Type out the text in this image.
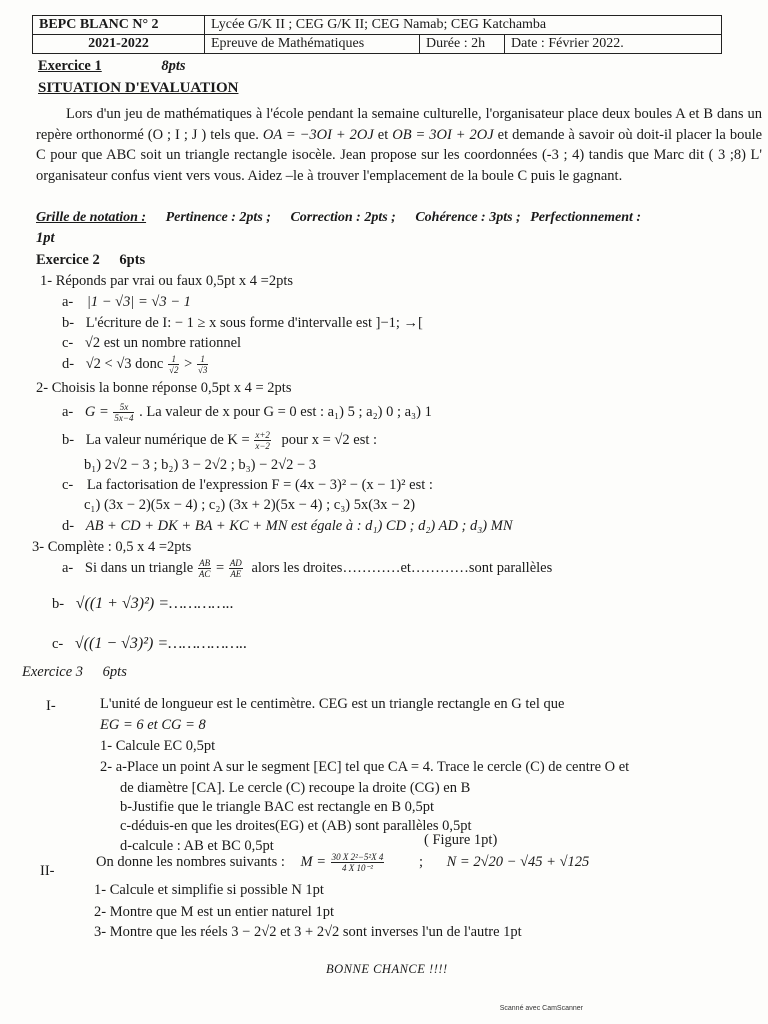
BEPC BLANC N° 2	Lycée G/K II ; CEG G/K II; CEG Namab; CEG Katchamba		
2021-2022	Epreuve de Mathématiques	Durée : 2h	Date : Février 2022.
Exercice 1	8pts
SITUATION D'EVALUATION

Lors d'un jeu de mathématiques à l'école pendant la semaine culturelle, l'organisateur place deux boules A et B dans un repère orthonormé (O ; I ; J ) tels que. OA = −3OI + 2OJ et OB = 3OI + 2OJ et demande à savoir où doit-il placer la boule C pour que ABC soit un triangle rectangle isocèle. Jean propose sur les coordonnées (-3 ; 4) tandis que Marc dit ( 3 ;8) L' organisateur confus vient vers vous. Aidez –le à trouver l'emplacement de la boule C puis le gagnant.

Grille de notation : Pertinence : 2pts ; Correction : 2pts ; Cohérence : 3pts ; Perfectionnement :
1pt
Exercice 2 6pts
1- Réponds par vrai ou faux 0,5pt x 4 =2pts
a- |1 − √3| = √3 − 1
b- L'écriture de I: − 1 ≥ x sous forme d'intervalle est ]−1; →[
c- √2 est un nombre rationnel
d- √2 < √3 donc $\frac{1}{√2} > \frac{1}{√3}$
2- Choisis la bonne réponse 0,5pt x 4 = 2pts
a- $G = \frac{5x}{5x-4}$ . La valeur de x pour G = 0 est : a₁) 5 ; a₂) 0 ; a₃) 1
b- La valeur numérique de $K = \frac{x+2}{x-2}$ pour x = √2 est :
b₁) 2√2 − 3 ; b₂) 3 − 2√2 ; b₃) − 2√2 − 3
c- La factorisation de l'expression F = (4x − 3)² − (x − 1)² est :
c₁) (3x − 2)(5x − 4) ; c₂) (3x + 2)(5x − 4) ; c₃) 5x(3x − 2)
d- AB + CD + DK + BA + KC + MN est égale à : d₁) CD ; d₂) AD ; d₃) MN
3- Complète : 0,5 x 4 =2pts
a- Si dans un triangle $\frac{AB}{AC} = \frac{AD}{AE}$ alors les droites…………et…………sont parallèles
b- √((1 + √3)²) =…………..
c- √((1 − √3)²) =……………..
Exercice 3 6pts
I-	L'unité de longueur est le centimètre. CEG est un triangle rectangle en G tel que
EG = 6 et CG = 8
1- Calcule EC 0,5pt
2- a-Place un point A sur le segment [EC] tel que CA = 4. Trace le cercle (C) de centre O et
de diamètre [CA]. Le cercle (C) recoupe la droite (CG) en B
b-Justifie que le triangle BAC est rectangle en B 0,5pt
c-déduis-en que les droites(EG) et (AB) sont parallèles 0,5pt
d-calcule : AB et BC 0,5pt	( Figure 1pt)
II-
On donne les nombres suivants : $M = \frac{\text{30 X 2²−5²X 4}}{\text{4 X 10⁻²}}$ ; N = 2√20 − √45 + √125
1- Calcule et simplifie si possible N 1pt
2- Montre que M est un entier naturel 1pt
3- Montre que les réels 3 − 2√2 et 3 + 2√2 sont inverses l'un de l'autre 1pt
BONNE CHANCE !!!!
Scanné avec CamScanner
